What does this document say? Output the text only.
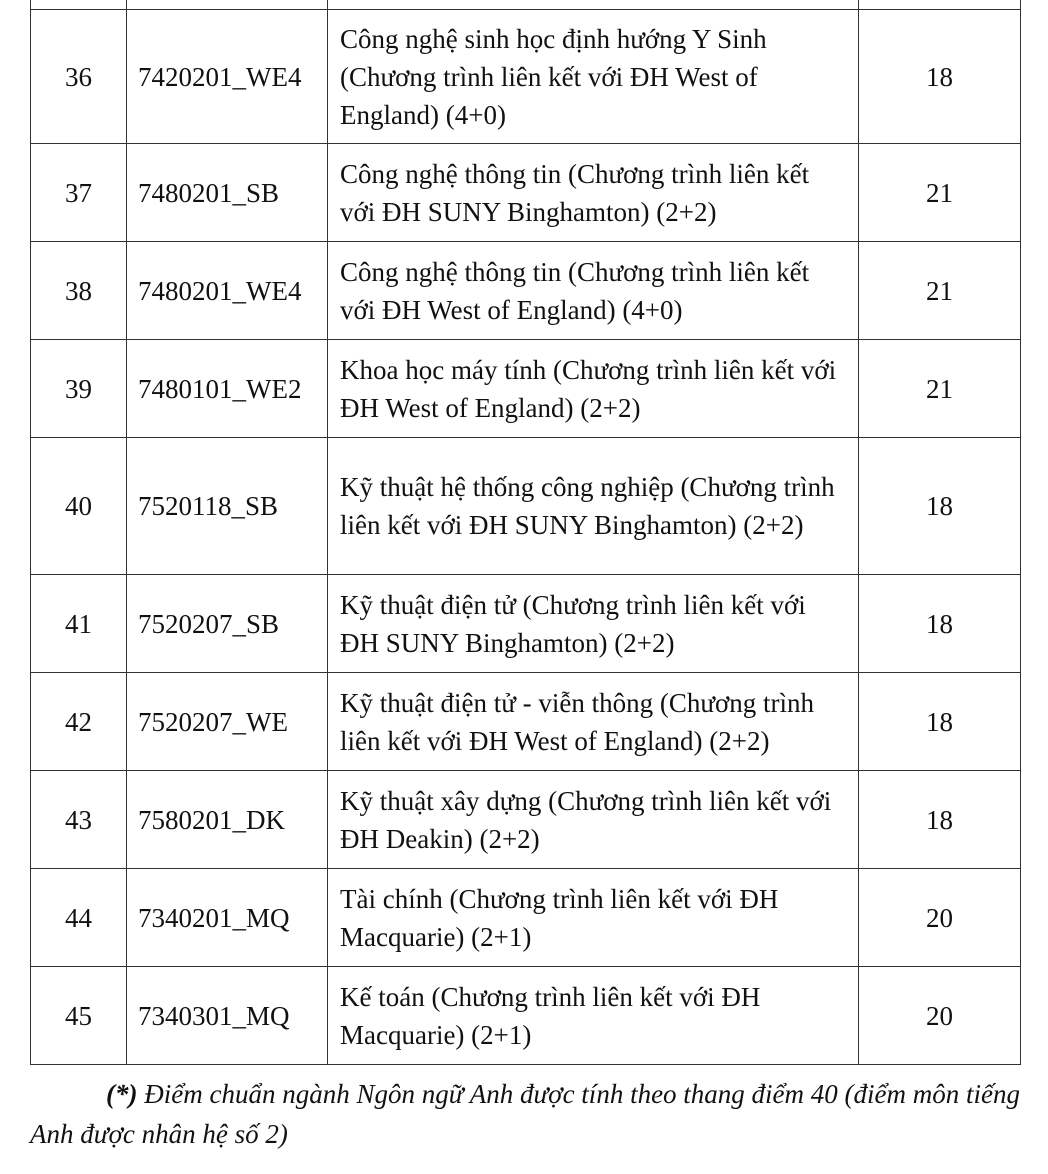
36	7420201_WE4	Công nghệ sinh học định hướng Y Sinh (Chương trình liên kết với ĐH West of England) (4+0)	18
37	7480201_SB	Công nghệ thông tin (Chương trình liên kết với ĐH SUNY Binghamton) (2+2)	21
38	7480201_WE4	Công nghệ thông tin (Chương trình liên kết với ĐH West of England) (4+0)	21
39	7480101_WE2	Khoa học máy tính (Chương trình liên kết với ĐH West of England) (2+2)	21
40	7520118_SB	Kỹ thuật hệ thống công nghiệp (Chương trình liên kết với ĐH SUNY Binghamton) (2+2)	18
41	7520207_SB	Kỹ thuật điện tử (Chương trình liên kết với ĐH SUNY Binghamton) (2+2)	18
42	7520207_WE	Kỹ thuật điện tử - viễn thông (Chương trình liên kết với ĐH West of England) (2+2)	18
43	7580201_DK	Kỹ thuật xây dựng (Chương trình liên kết với ĐH Deakin) (2+2)	18
44	7340201_MQ	Tài chính (Chương trình liên kết với ĐH Macquarie) (2+1)	20
45	7340301_MQ	Kế toán (Chương trình liên kết với ĐH Macquarie) (2+1)	20
(*) Điểm chuẩn ngành Ngôn ngữ Anh được tính theo thang điểm 40 (điểm môn tiếng Anh được nhân hệ số 2)
